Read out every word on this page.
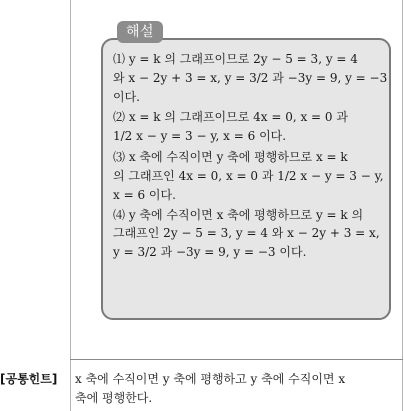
해설
⑴ y = k 의 그래프이므로 2y − 5 = 3, y = 4
와 x − 2y + 3 = x, y = 3/2 과 −3y = 9, y = −3
이다.
⑵ x = k 의 그래프이므로 4x = 0, x = 0 과
1/2 x − y = 3 − y, x = 6 이다.
⑶ x 축에 수직이면 y 축에 평행하므로 x = k
의 그래프인 4x = 0, x = 0 과 1/2 x − y = 3 − y,
x = 6 이다.
⑷ y 축에 수직이면 x 축에 평행하므로 y = k 의
그래프인 2y − 5 = 3, y = 4 와 x − 2y + 3 = x,
y = 3/2 과 −3y = 9, y = −3 이다.
[공통힌트] x 축에 수직이면 y 축에 평행하고 y 축에 수직이면 x
축에 평행한다.
